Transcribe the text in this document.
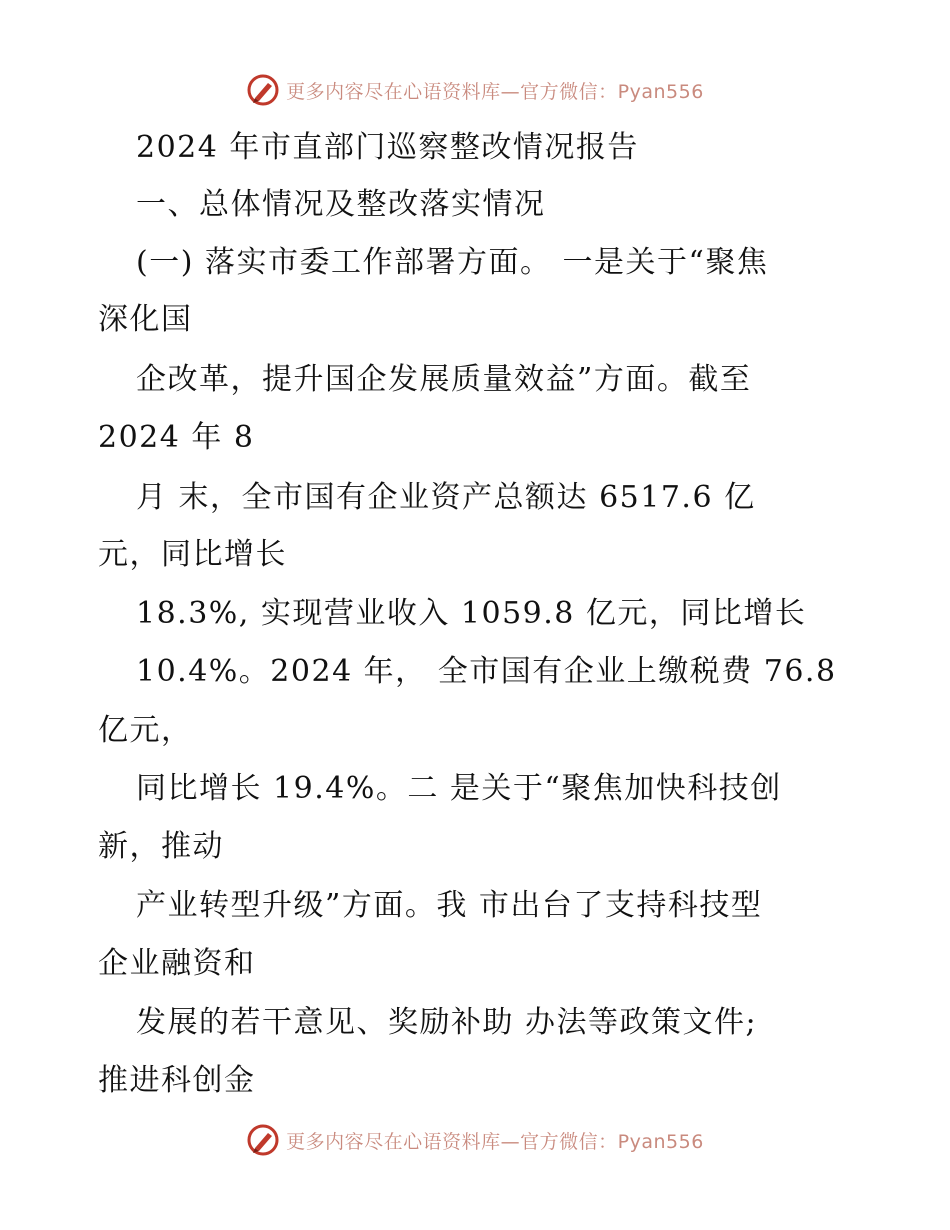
更多内容尽在心语资料库—官方微信：Pyan556
2024 年市直部门巡察整改情况报告
一、总体情况及整改落实情况
(一) 落实市委工作部署方面。 一是关于“聚焦
深化国
企改革，提升国企发展质量效益”方面。截至
2024 年 8
月 末，全市国有企业资产总额达 6517.6 亿
元，同比增长
18.3%, 实现营业收入 1059.8 亿元，同比增长
10.4%。2024 年， 全市国有企业上缴税费 76.8
亿元，
同比增长 19.4%。二 是关于“聚焦加快科技创
新，推动
产业转型升级”方面。我 市出台了支持科技型
企业融资和
发展的若干意见、奖励补助 办法等政策文件;
推进科创金
更多内容尽在心语资料库—官方微信：Pyan556
